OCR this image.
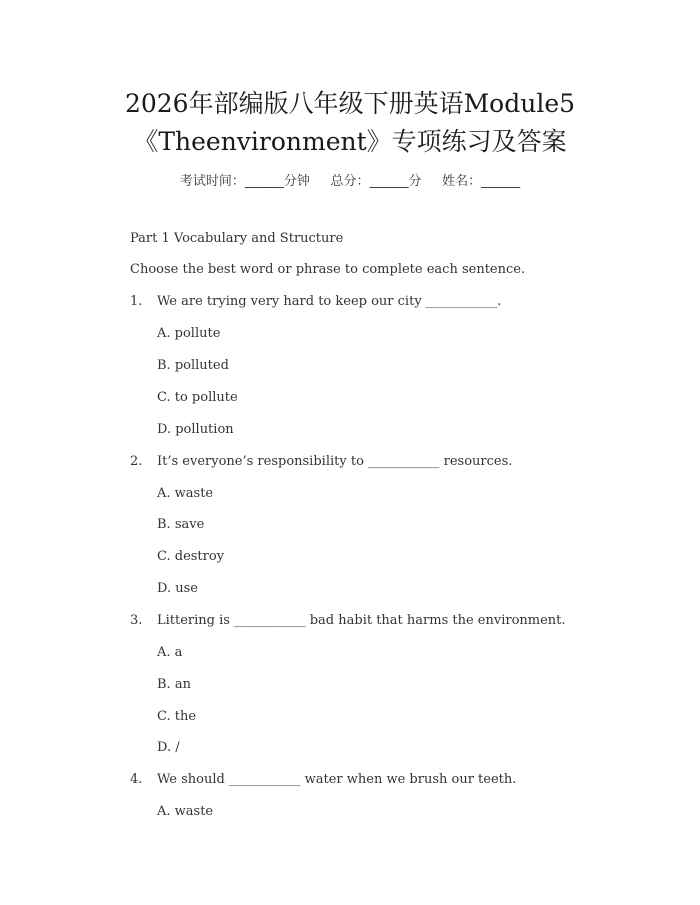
2026年部编版八年级下册英语Module5
《Theenvironment》专项练习及答案
考试时间：______分钟     总分：______分     姓名：______
Part 1 Vocabulary and Structure
Choose the best word or phrase to complete each sentence.
1. We are trying very hard to keep our city ___________.
A. pollute
B. polluted
C. to pollute
D. pollution
2. It’s everyone’s responsibility to ___________ resources.
A. waste
B. save
C. destroy
D. use
3. Littering is ___________ bad habit that harms the environment.
A. a
B. an
C. the
D. /
4. We should ___________ water when we brush our teeth.
A. waste
